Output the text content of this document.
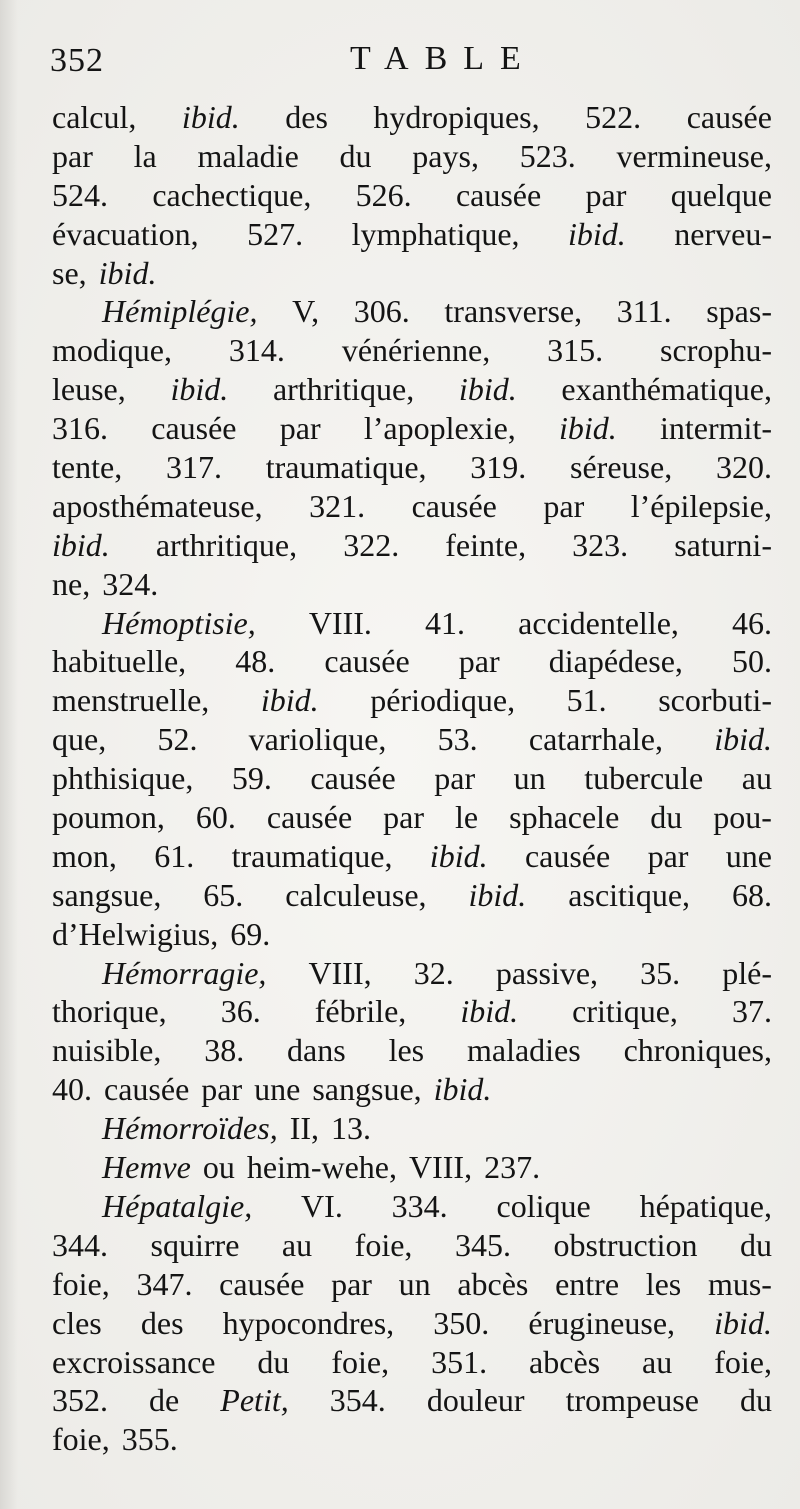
352	TABLE
calcul, ibid. des hydropiques, 522. causée
par la maladie du pays, 523. vermineuse,
524. cachectique, 526. causée par quelque
évacuation, 527. lymphatique, ibid. nerveu-
se, ibid.
Hémiplégie, V, 306. transverse, 311. spas-
modique, 314. vénérienne, 315. scrophu-
leuse, ibid. arthritique, ibid. exanthématique,
316. causée par l’apoplexie, ibid. intermit-
tente, 317. traumatique, 319. séreuse, 320.
aposthémateuse, 321. causée par l’épilepsie,
ibid. arthritique, 322. feinte, 323. saturni-
ne, 324.
Hémoptisie, VIII. 41. accidentelle, 46.
habituelle, 48. causée par diapédese, 50.
menstruelle, ibid. périodique, 51. scorbuti-
que, 52. variolique, 53. catarrhale, ibid.
phthisique, 59. causée par un tubercule au
poumon, 60. causée par le sphacele du pou-
mon, 61. traumatique, ibid. causée par une
sangsue, 65. calculeuse, ibid. ascitique, 68.
d’Helwigius, 69.
Hémorragie, VIII, 32. passive, 35. plé-
thorique, 36. fébrile, ibid. critique, 37.
nuisible, 38. dans les maladies chroniques,
40. causée par une sangsue, ibid.
Hémorroïdes, II, 13.
Hemve ou heim-wehe, VIII, 237.
Hépatalgie, VI. 334. colique hépatique,
344. squirre au foie, 345. obstruction du
foie, 347. causée par un abcès entre les mus-
cles des hypocondres, 350. érugineuse, ibid.
excroissance du foie, 351. abcès au foie,
352. de Petit, 354. douleur trompeuse du
foie, 355.
